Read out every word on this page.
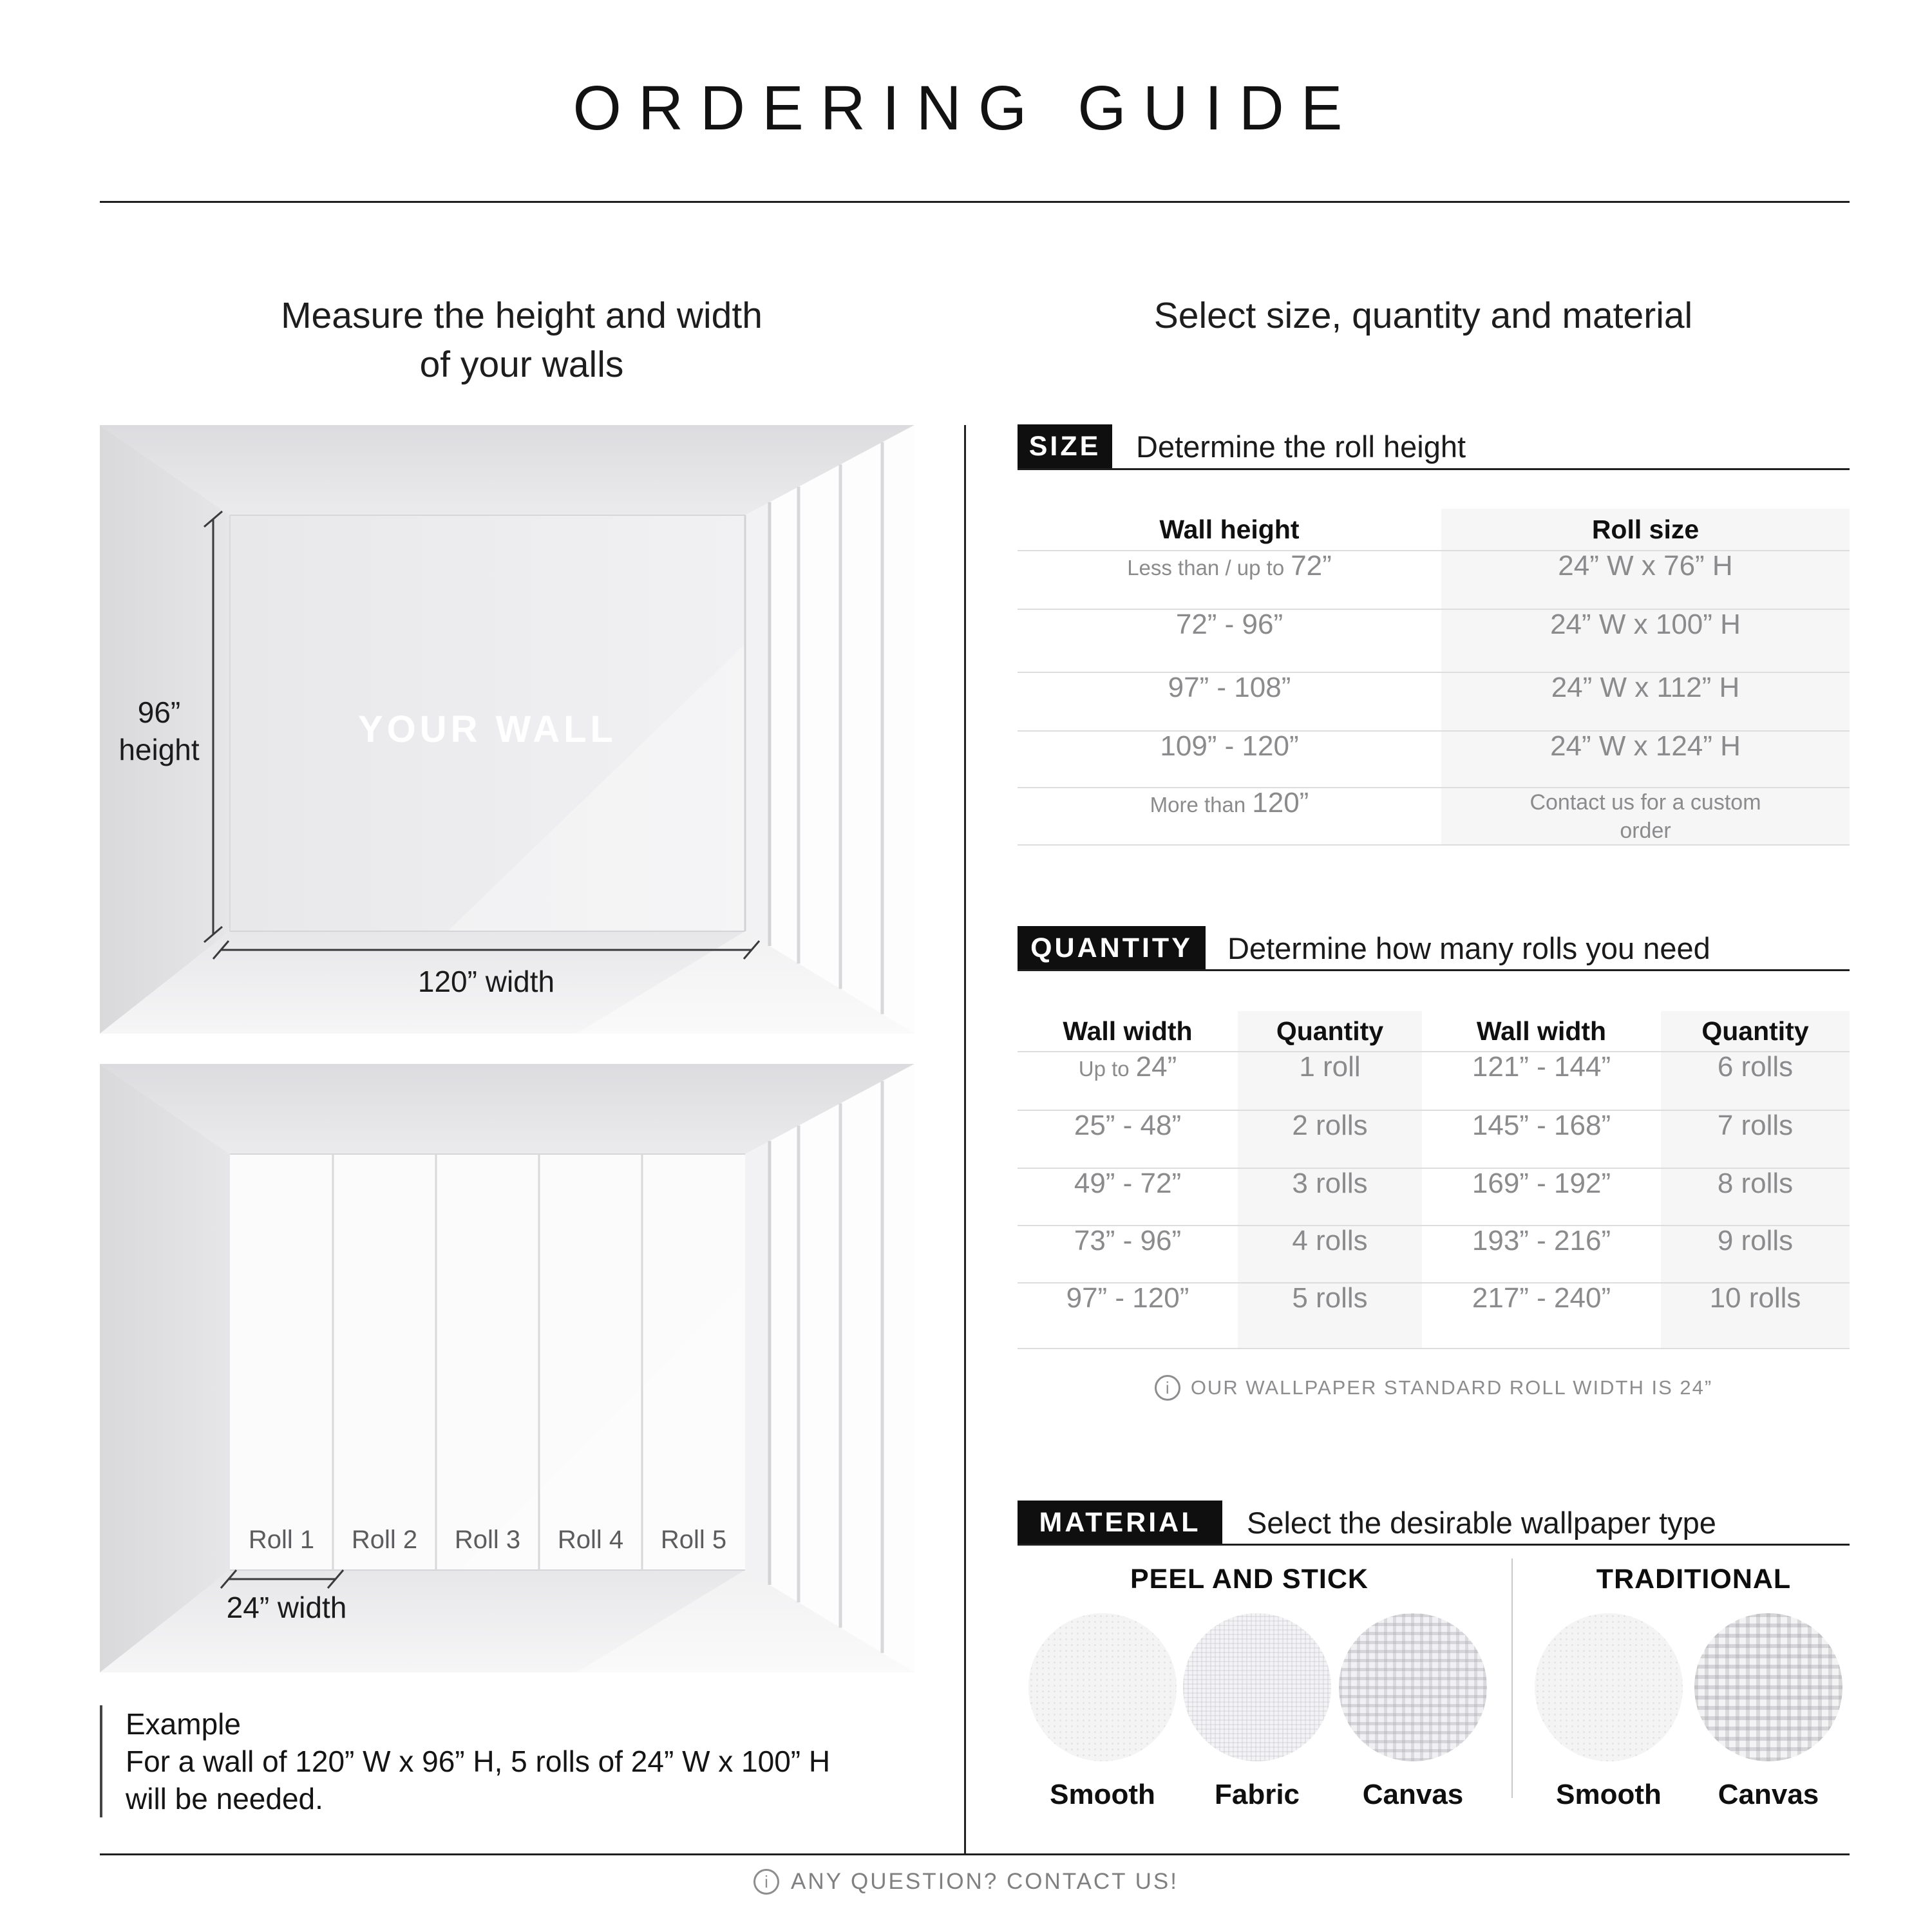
ORDERING GUIDE
Measure the height and width
of your walls
Select size, quantity and material
96”
height	YOUR WALL
120” width
Roll 1 Roll 2 Roll 3 Roll 4 Roll 5
24” width
Example
For a wall of 120” W x 96” H, 5 rolls of 24” W x 100” H
will be needed.
SIZE	Determine the roll height
Wall height	Roll size
Less than / up to 72”	24” W x 76” H
72” - 96”	24” W x 100” H
97” - 108”	24” W x 112” H
109” - 120”	24” W x 124” H
More than 120”	Contact us for a custom order
QUANTITY	Determine how many rolls you need
Wall width	Quantity	Wall width	Quantity
Up to 24”	1 roll	121” - 144”	6 rolls
25” - 48”	2 rolls	145” - 168”	7 rolls
49” - 72”	3 rolls	169” - 192”	8 rolls
73” - 96”	4 rolls	193” - 216”	9 rolls
97” - 120”	5 rolls	217” - 240”	10 rolls
i	OUR WALLPAPER STANDARD ROLL WIDTH IS 24”
MATERIAL	Select the desirable wallpaper type
PEEL AND STICK	TRADITIONAL
Smooth	Fabric	Canvas	Smooth	Canvas
i	ANY QUESTION? CONTACT US!
